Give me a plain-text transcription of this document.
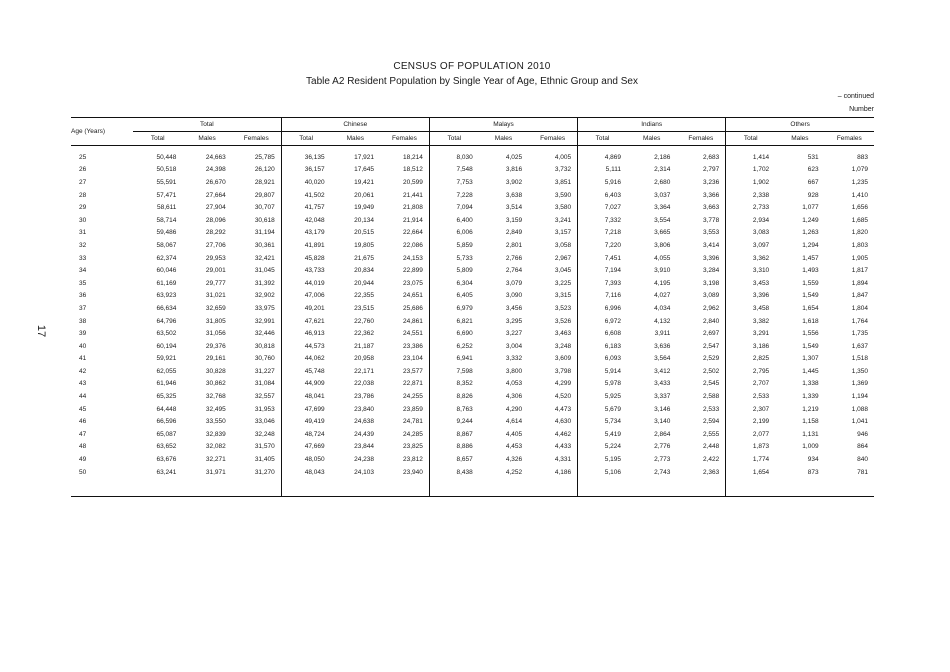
CENSUS OF POPULATION 2010
Table A2 Resident Population by Single Year of Age, Ethnic Group and Sex
– continued
Number
17
Age (Years)	Total			Chinese			Malays			Indians			Others		
	Total	Males	Females	Total	Males	Females	Total	Males	Females	Total	Males	Females	Total	Males	Females
25	50,448	24,663	25,785	36,135	17,921	18,214	8,030	4,025	4,005	4,869	2,186	2,683	1,414	531	883
26	50,518	24,398	26,120	36,157	17,645	18,512	7,548	3,816	3,732	5,111	2,314	2,797	1,702	623	1,079
27	55,591	26,670	28,921	40,020	19,421	20,599	7,753	3,902	3,851	5,916	2,680	3,236	1,902	667	1,235
28	57,471	27,664	29,807	41,502	20,061	21,441	7,228	3,638	3,590	6,403	3,037	3,366	2,338	928	1,410
29	58,611	27,904	30,707	41,757	19,949	21,808	7,094	3,514	3,580	7,027	3,364	3,663	2,733	1,077	1,656
30	58,714	28,096	30,618	42,048	20,134	21,914	6,400	3,159	3,241	7,332	3,554	3,778	2,934	1,249	1,685
31	59,486	28,292	31,194	43,179	20,515	22,664	6,006	2,849	3,157	7,218	3,665	3,553	3,083	1,263	1,820
32	58,067	27,706	30,361	41,891	19,805	22,086	5,859	2,801	3,058	7,220	3,806	3,414	3,097	1,294	1,803
33	62,374	29,953	32,421	45,828	21,675	24,153	5,733	2,766	2,967	7,451	4,055	3,396	3,362	1,457	1,905
34	60,046	29,001	31,045	43,733	20,834	22,899	5,809	2,764	3,045	7,194	3,910	3,284	3,310	1,493	1,817
35	61,169	29,777	31,392	44,019	20,944	23,075	6,304	3,079	3,225	7,393	4,195	3,198	3,453	1,559	1,894
36	63,923	31,021	32,902	47,006	22,355	24,651	6,405	3,090	3,315	7,116	4,027	3,089	3,396	1,549	1,847
37	66,634	32,659	33,975	49,201	23,515	25,686	6,979	3,456	3,523	6,996	4,034	2,962	3,458	1,654	1,804
38	64,796	31,805	32,991	47,621	22,760	24,861	6,821	3,295	3,526	6,972	4,132	2,840	3,382	1,618	1,764
39	63,502	31,056	32,446	46,913	22,362	24,551	6,690	3,227	3,463	6,608	3,911	2,697	3,291	1,556	1,735
40	60,194	29,376	30,818	44,573	21,187	23,386	6,252	3,004	3,248	6,183	3,636	2,547	3,186	1,549	1,637
41	59,921	29,161	30,760	44,062	20,958	23,104	6,941	3,332	3,609	6,093	3,564	2,529	2,825	1,307	1,518
42	62,055	30,828	31,227	45,748	22,171	23,577	7,598	3,800	3,798	5,914	3,412	2,502	2,795	1,445	1,350
43	61,946	30,862	31,084	44,909	22,038	22,871	8,352	4,053	4,299	5,978	3,433	2,545	2,707	1,338	1,369
44	65,325	32,768	32,557	48,041	23,786	24,255	8,826	4,306	4,520	5,925	3,337	2,588	2,533	1,339	1,194
45	64,448	32,495	31,953	47,699	23,840	23,859	8,763	4,290	4,473	5,679	3,146	2,533	2,307	1,219	1,088
46	66,596	33,550	33,046	49,419	24,638	24,781	9,244	4,614	4,630	5,734	3,140	2,594	2,199	1,158	1,041
47	65,087	32,839	32,248	48,724	24,439	24,285	8,867	4,405	4,462	5,419	2,864	2,555	2,077	1,131	946
48	63,652	32,082	31,570	47,669	23,844	23,825	8,886	4,453	4,433	5,224	2,776	2,448	1,873	1,009	864
49	63,676	32,271	31,405	48,050	24,238	23,812	8,657	4,326	4,331	5,195	2,773	2,422	1,774	934	840
50	63,241	31,971	31,270	48,043	24,103	23,940	8,438	4,252	4,186	5,106	2,743	2,363	1,654	873	781
